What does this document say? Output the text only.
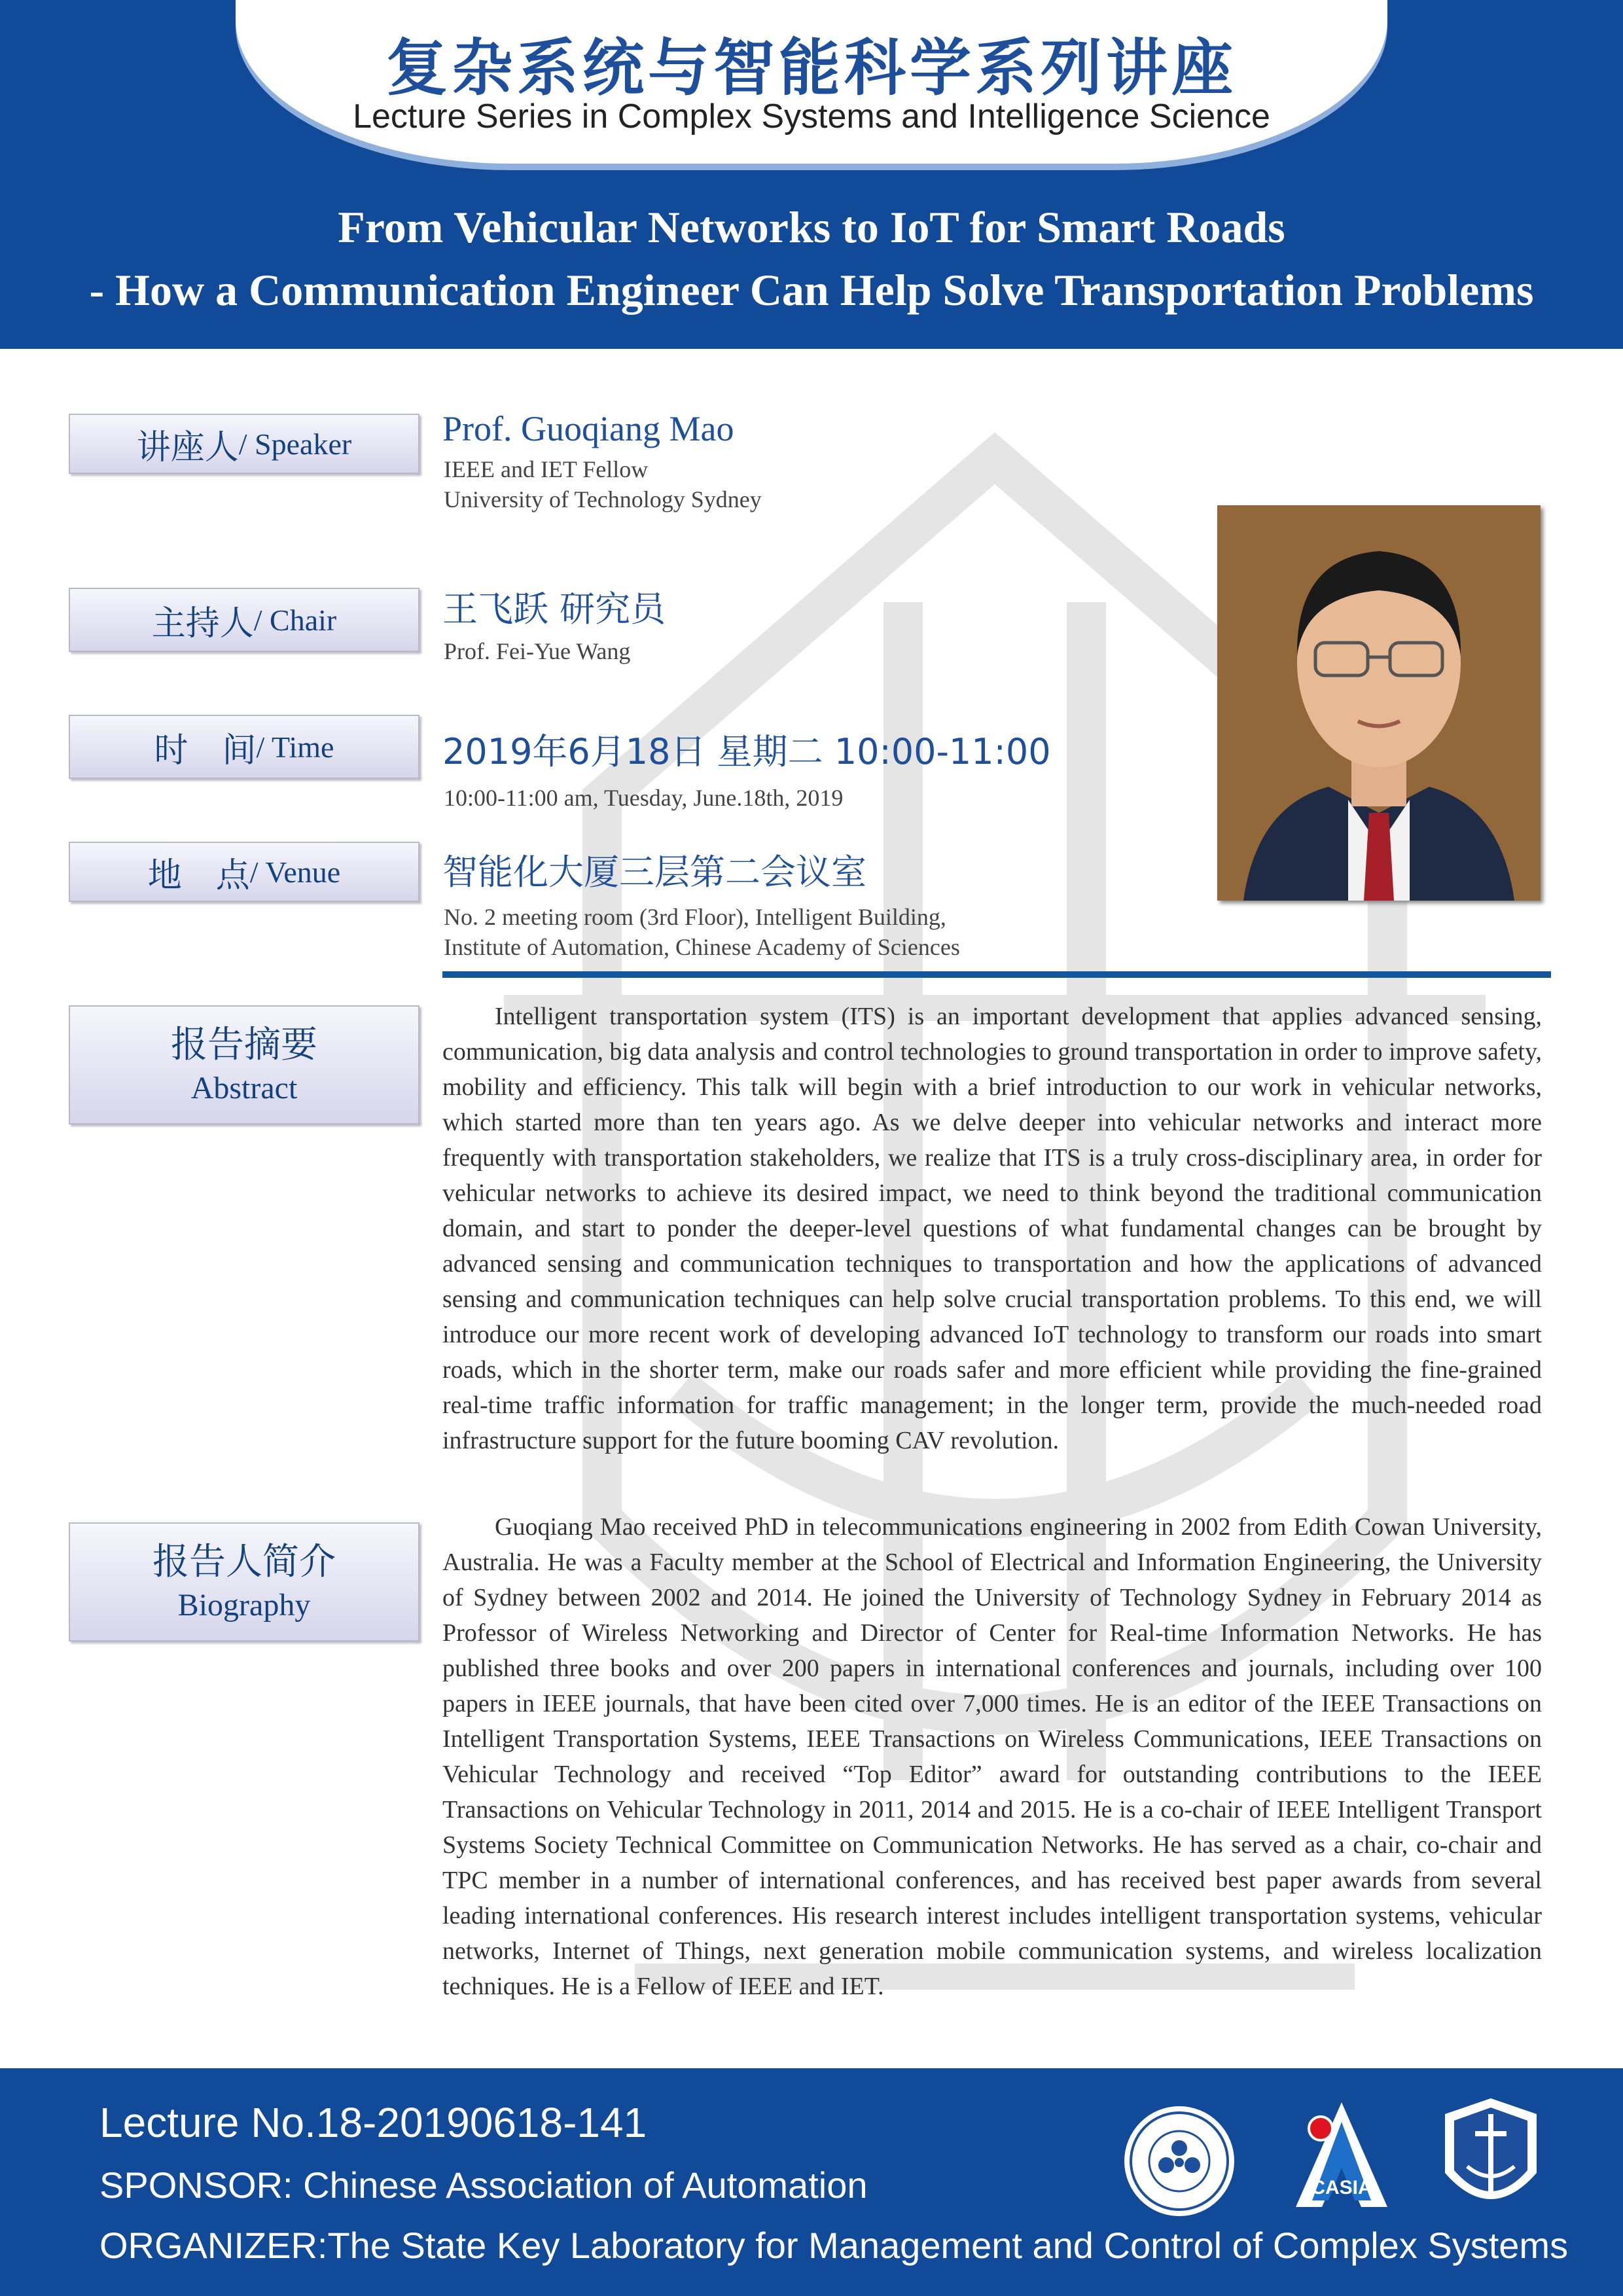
复杂系统与智能科学系列讲座
Lecture Series in Complex Systems and Intelligence Science
From Vehicular Networks to IoT for Smart Roads
- How a Communication Engineer Can Help Solve Transportation Problems
讲座人 / Speaker	Prof. Guoqiang Mao
IEEE and IET Fellow
University of Technology Sydney
主持人 / Chair	王飞跃 研究员
Prof. Fei-Yue Wang
时　间 / Time	2019年6月18日 星期二 10:00-11:00
10:00-11:00 am, Tuesday, June.18th, 2019
地　点 / Venue	智能化大厦三层第二会议室
No. 2 meeting room (3rd Floor), Intelligent Building,
Institute of Automation, Chinese Academy of Sciences
报告摘要
Abstract
Intelligent transportation system (ITS) is an important development that applies advanced sensing, communication, big data analysis and control technologies to ground transportation in order to improve safety, mobility and efficiency. This talk will begin with a brief introduction to our work in vehicular networks, which started more than ten years ago. As we delve deeper into vehicular networks and interact more frequently with transportation stakeholders, we realize that ITS is a truly cross-disciplinary area, in order for vehicular networks to achieve its desired impact, we need to think beyond the traditional communication domain, and start to ponder the deeper-level questions of what fundamental changes can be brought by advanced sensing and communication techniques to transportation and how the applications of advanced sensing and communication techniques can help solve crucial transportation problems. To this end, we will introduce our more recent work of developing advanced IoT technology to transform our roads into smart roads, which in the shorter term, make our roads safer and more efficient while providing the fine-grained real-time traffic information for traffic management; in the longer term, provide the much-needed road infrastructure support for the future booming CAV revolution.
报告人简介
Biography
Guoqiang Mao received PhD in telecommunications engineering in 2002 from Edith Cowan University, Australia. He was a Faculty member at the School of Electrical and Information Engineering, the University of Sydney between 2002 and 2014. He joined the University of Technology Sydney in February 2014 as Professor of Wireless Networking and Director of Center for Real-time Information Networks. He has published three books and over 200 papers in international conferences and journals, including over 100 papers in IEEE journals, that have been cited over 7,000 times. He is an editor of the IEEE Transactions on Intelligent Transportation Systems, IEEE Transactions on Wireless Communications, IEEE Transactions on Vehicular Technology and received “Top Editor” award for outstanding contributions to the IEEE Transactions on Vehicular Technology in 2011, 2014 and 2015. He is a co-chair of IEEE Intelligent Transport Systems Society Technical Committee on Communication Networks. He has served as a chair, co-chair and TPC member in a number of international conferences, and has received best paper awards from several leading international conferences. His research interest includes intelligent transportation systems, vehicular networks, Internet of Things, next generation mobile communication systems, and wireless localization techniques. He is a Fellow of IEEE and IET.
Lecture No.18-20190618-141
SPONSOR: Chinese Association of Automation
ORGANIZER:The State Key Laboratory for Management and Control of Complex Systems
CASIA
